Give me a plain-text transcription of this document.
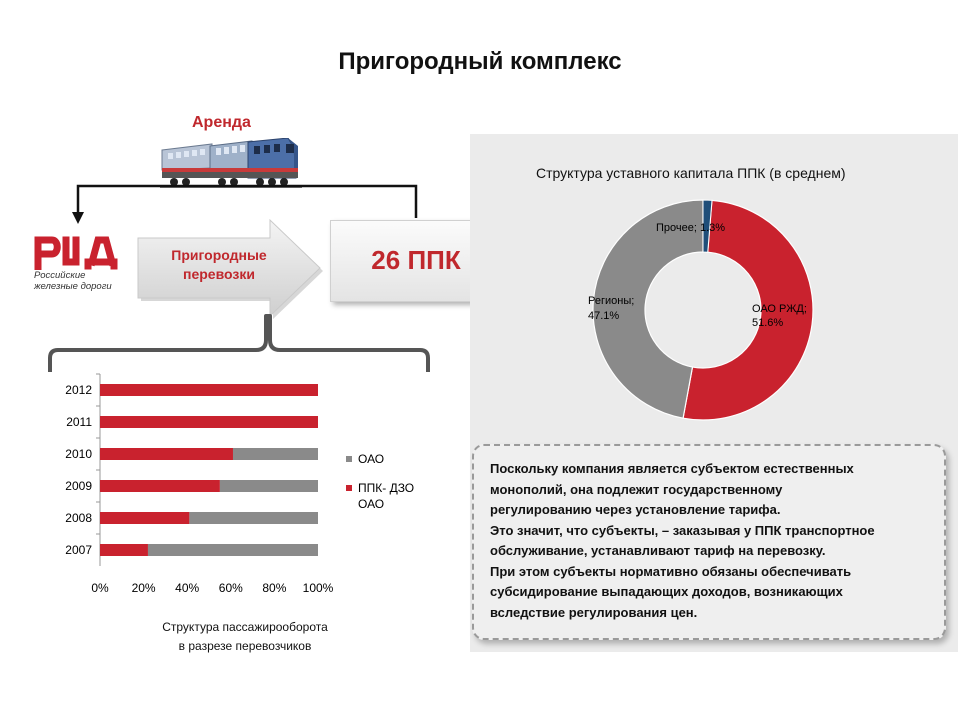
Пригородный комплекс
Аренда
Российские
железные дороги
Пригородные
перевозки	26 ППК
2012
2011
2010
2009
2008
2007
0% 20% 40% 60% 80% 100%
ОАО
ППК- ДЗО ОАО
Структура пассажирооборота
в разрезе перевозчиков
Структура уставного капитала ППК (в среднем)
ОАО РЖД;
51.6%
Регионы;
47.1%
Прочее; 1.3%

Поскольку компания является субъектом естественных

монополий, она подлежит государственному

регулированию через установление тарифа.

Это значит, что субъекты, – заказывая у ППК транспортное

обслуживание, устанавливают тариф на перевозку.

При этом субъекты нормативно обязаны обеспечивать

субсидирование выпадающих доходов, возникающих

вследствие регулирования цен.
